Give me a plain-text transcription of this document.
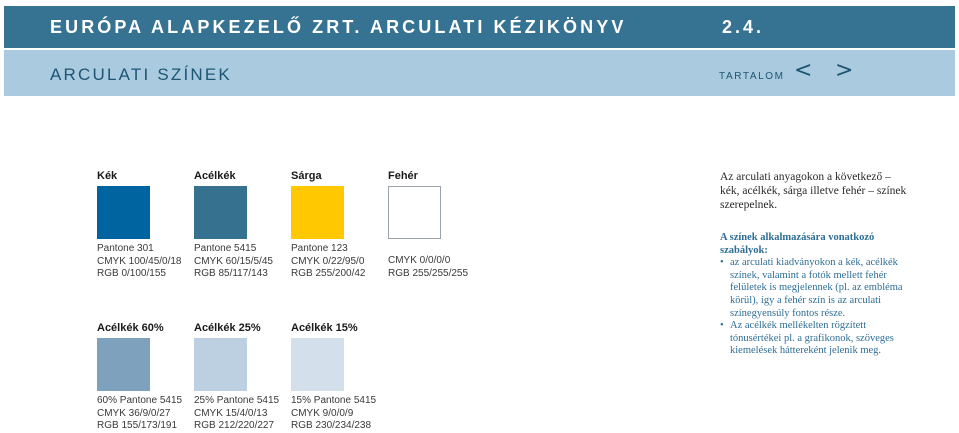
EURÓPA ALAPKEZELŐ ZRT. ARCULATI KÉZIKÖNYV	2.4.
ARCULATI SZÍNEK	TARTALOM < >
Kék	Acélkék	Sárga	Fehér
Pantone 301
CMYK 100/45/0/18
RGB 0/100/155
Pantone 5415
CMYK 60/15/5/45
RGB 85/117/143
Pantone 123
CMYK 0/22/95/0
RGB 255/200/42
CMYK 0/0/0/0
RGB 255/255/255
Acélkék 60%	Acélkék 25%	Acélkék 15%
60% Pantone 5415
CMYK 36/9/0/27
RGB 155/173/191
25% Pantone 5415
CMYK 15/4/0/13
RGB 212/220/227
15% Pantone 5415
CMYK 9/0/0/9
RGB 230/234/238
Az arculati anyagokon a következő – kék, acélkék, sárga illetve fehér – színek szerepelnek.
A színek alkalmazására vonatkozó szabályok:
• az arculati kiadványokon a kék, acélkék színek, valamint a fotók mellett fehér felületek is megjelennek (pl. az embléma körül), így a fehér szín is az arculati színegyensúly fontos része.
• Az acélkék mellékelten rögzített tónusértékei pl. a grafikonok, szöveges kiemelések háttereként jelenik meg.
